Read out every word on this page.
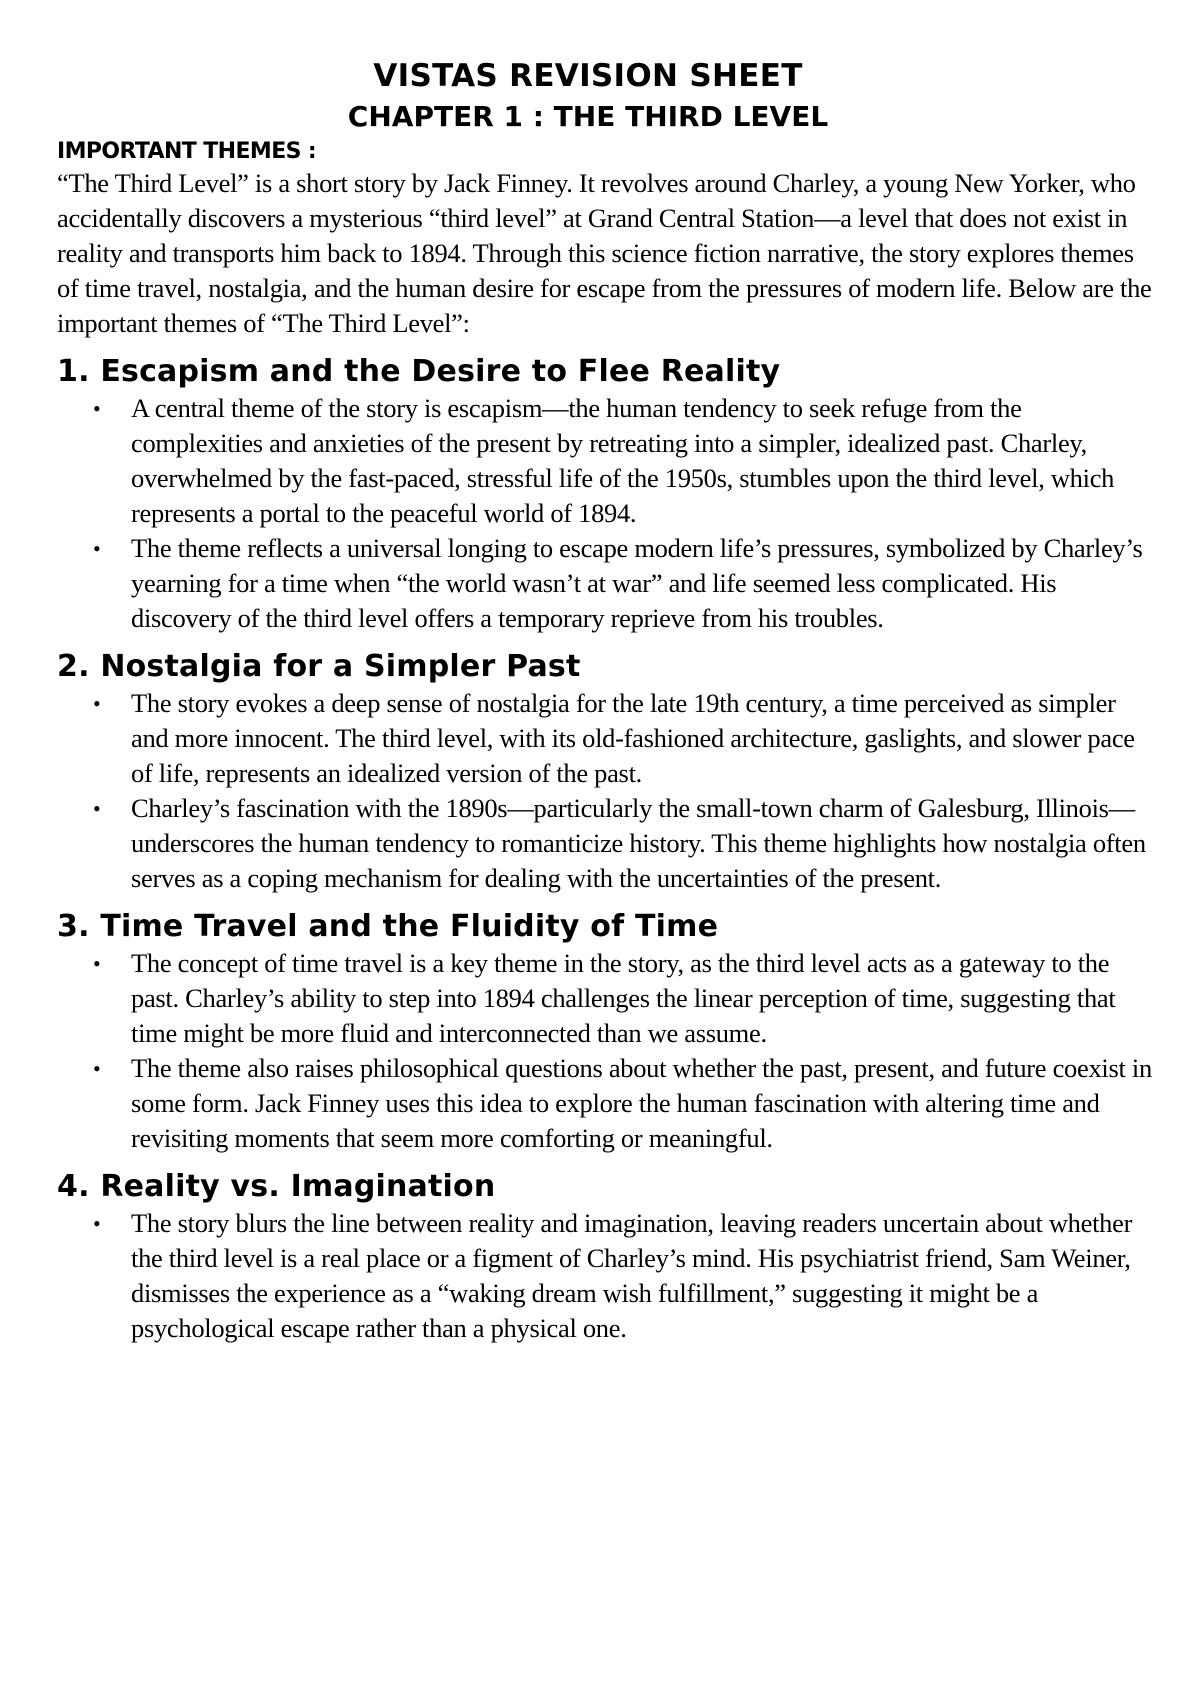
VISTAS REVISION SHEET
CHAPTER 1 : THE THIRD LEVEL

IMPORTANT THEMES :

“The Third Level” is a short story by Jack Finney. It revolves around Charley, a young New Yorker, who accidentally discovers a mysterious “third level” at Grand Central Station—a level that does not exist in reality and transports him back to 1894. Through this science fiction narrative, the story explores themes of time travel, nostalgia, and the human desire for escape from the pressures of modern life. Below are the important themes of “The Third Level”:

1. Escapism and the Desire to Flee Reality
• A central theme of the story is escapism—the human tendency to seek refuge from the complexities and anxieties of the present by retreating into a simpler, idealized past. Charley, overwhelmed by the fast-paced, stressful life of the 1950s, stumbles upon the third level, which represents a portal to the peaceful world of 1894.
• The theme reflects a universal longing to escape modern life’s pressures, symbolized by Charley’s yearning for a time when “the world wasn’t at war” and life seemed less complicated. His discovery of the third level offers a temporary reprieve from his troubles.
2. Nostalgia for a Simpler Past
• The story evokes a deep sense of nostalgia for the late 19th century, a time perceived as simpler and more innocent. The third level, with its old-fashioned architecture, gaslights, and slower pace of life, represents an idealized version of the past.
• Charley’s fascination with the 1890s—particularly the small-town charm of Galesburg, Illinois—underscores the human tendency to romanticize history. This theme highlights how nostalgia often serves as a coping mechanism for dealing with the uncertainties of the present.
3. Time Travel and the Fluidity of Time
• The concept of time travel is a key theme in the story, as the third level acts as a gateway to the past. Charley’s ability to step into 1894 challenges the linear perception of time, suggesting that time might be more fluid and interconnected than we assume.
• The theme also raises philosophical questions about whether the past, present, and future coexist in some form. Jack Finney uses this idea to explore the human fascination with altering time and revisiting moments that seem more comforting or meaningful.
4. Reality vs. Imagination
• The story blurs the line between reality and imagination, leaving readers uncertain about whether the third level is a real place or a figment of Charley’s mind. His psychiatrist friend, Sam Weiner, dismisses the experience as a “waking dream wish fulfillment,” suggesting it might be a psychological escape rather than a physical one.
